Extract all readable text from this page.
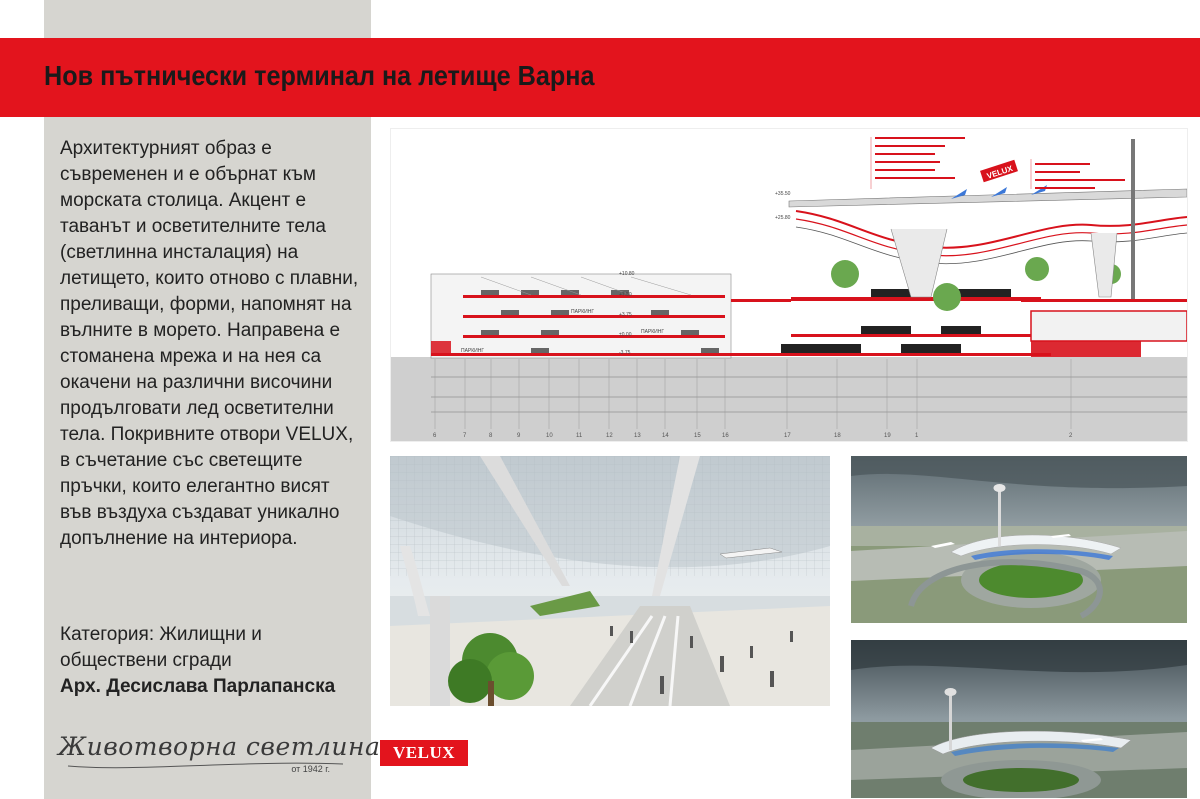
Нов пътнически терминал на летище Варна

Архитектурният образ е съвременен и е обърнат към морската столица. Акцент е таванът и осветителните тела (светлинна инсталация) на летището, които отново с плавни, преливащи, форми, напомнят на вълните в морето. Направена е стоманена мрежа и на нея са окачени на различни височини продълговати лед осветителни тела. Покривните отвори VELUX, в съчетание със светещите пръчки, които елегантно висят във въздуха създават уникално допълнение на интериора.

Категория: Жилищни и
обществени сгради
Арх. Десислава Парлапанска
Животворна светлина
от 1942 г.
VELUX
6	7	8	9	10	11	12	13	14	15	16	17	18	19	1	2
ПАРКИНГ
ПАРКИНГ
ПАРКИНГ
+10.80
+7.50
+3.75
±0.00
-3.75
+25.80
+35.50
VELUX
